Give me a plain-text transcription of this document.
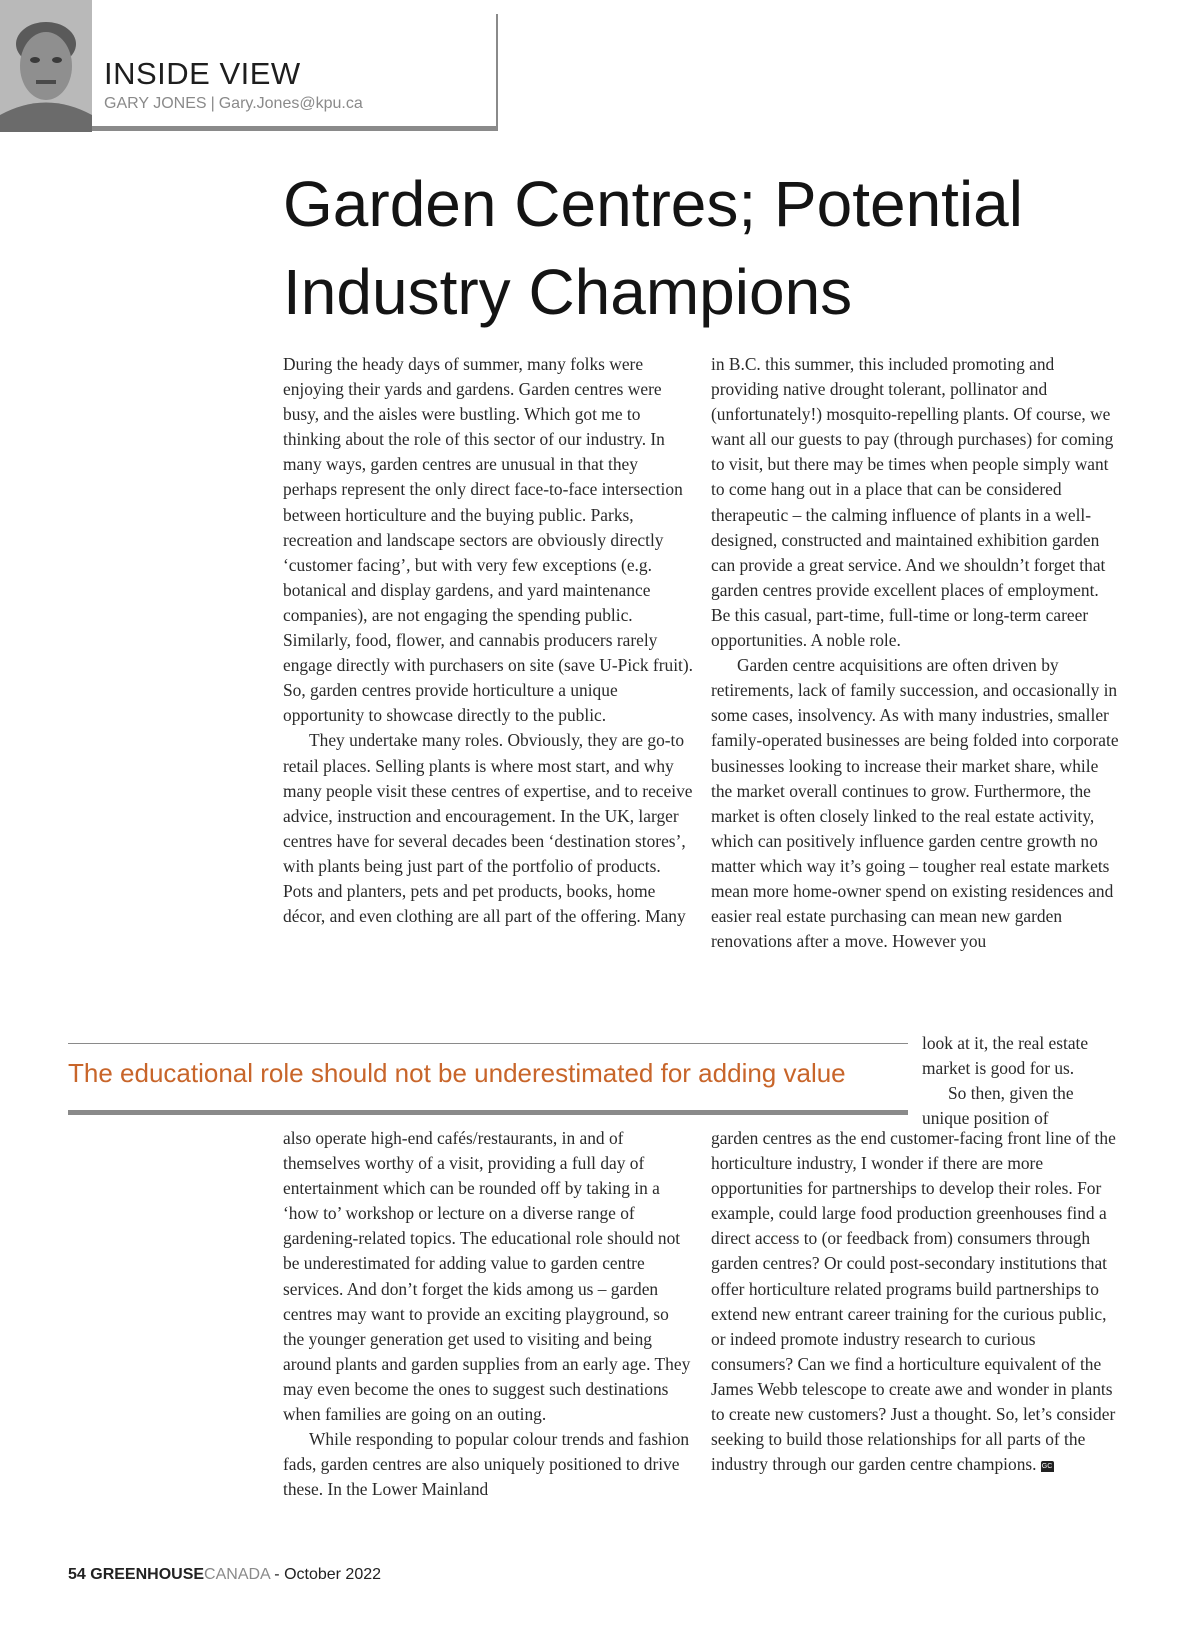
INSIDE VIEW
GARY JONES | Gary.Jones@kpu.ca
Garden Centres; Potential
Industry Champions

During the heady days of summer, many folks were enjoying their yards and gardens. Garden centres were busy, and the aisles were bustling. Which got me to thinking about the role of this sector of our industry. In many ways, garden centres are unusual in that they perhaps represent the only direct face-to-face intersection between horticulture and the buying public. Parks, recreation and landscape sectors are obviously directly ‘customer facing’, but with very few exceptions (e.g. botanical and display gardens, and yard maintenance companies), are not engaging the spending public. Similarly, food, flower, and cannabis producers rarely engage directly with purchasers on site (save U-Pick fruit). So, garden centres provide horticulture a unique opportunity to showcase directly to the public.

They undertake many roles. Obviously, they are go-to retail places. Selling plants is where most start, and why many people visit these centres of expertise, and to receive advice, instruction and encouragement. In the UK, larger centres have for several decades been ‘destination stores’, with plants being just part of the portfolio of products. Pots and planters, pets and pet products, books, home décor, and even clothing are all part of the offering. Many

in B.C. this summer, this included promoting and providing native drought tolerant, pollinator and (unfortunately!) mosquito-repelling plants. Of course, we want all our guests to pay (through purchases) for coming to visit, but there may be times when people simply want to come hang out in a place that can be considered therapeutic – the calming influence of plants in a well-designed, constructed and maintained exhibition garden can provide a great service. And we shouldn’t forget that garden centres provide excellent places of employment. Be this casual, part-time, full-time or long-term career opportunities. A noble role.

Garden centre acquisitions are often driven by retirements, lack of family succession, and occasionally in some cases, insolvency. As with many industries, smaller family-operated businesses are being folded into corporate businesses looking to increase their market share, while the market overall continues to grow. Furthermore, the market is often closely linked to the real estate activity, which can positively influence garden centre growth no matter which way it’s going – tougher real estate markets mean more home-owner spend on existing residences and easier real estate purchasing can mean new garden renovations after a move. However you

The educational role should not be underestimated for adding value

look at it, the real estate market is good for us.

So then, given the unique position of

also operate high-end cafés/restaurants, in and of themselves worthy of a visit, providing a full day of entertainment which can be rounded off by taking in a ‘how to’ workshop or lecture on a diverse range of gardening-related topics. The educational role should not be underestimated for adding value to garden centre services. And don’t forget the kids among us – garden centres may want to provide an exciting playground, so the younger generation get used to visiting and being around plants and garden supplies from an early age. They may even become the ones to suggest such destinations when families are going on an outing.

While responding to popular colour trends and fashion fads, garden centres are also uniquely positioned to drive these. In the Lower Mainland

garden centres as the end customer-facing front line of the horticulture industry, I wonder if there are more opportunities for partnerships to develop their roles. For example, could large food production greenhouses find a direct access to (or feedback from) consumers through garden centres? Or could post-secondary institutions that offer horticulture related programs build partnerships to extend new entrant career training for the curious public, or indeed promote industry research to curious consumers? Can we find a horticulture equivalent of the James Webb telescope to create awe and wonder in plants to create new customers? Just a thought. So, let’s consider seeking to build those relationships for all parts of the industry through our garden centre champions. GC

54 GREENHOUSECANADA - October 2022
